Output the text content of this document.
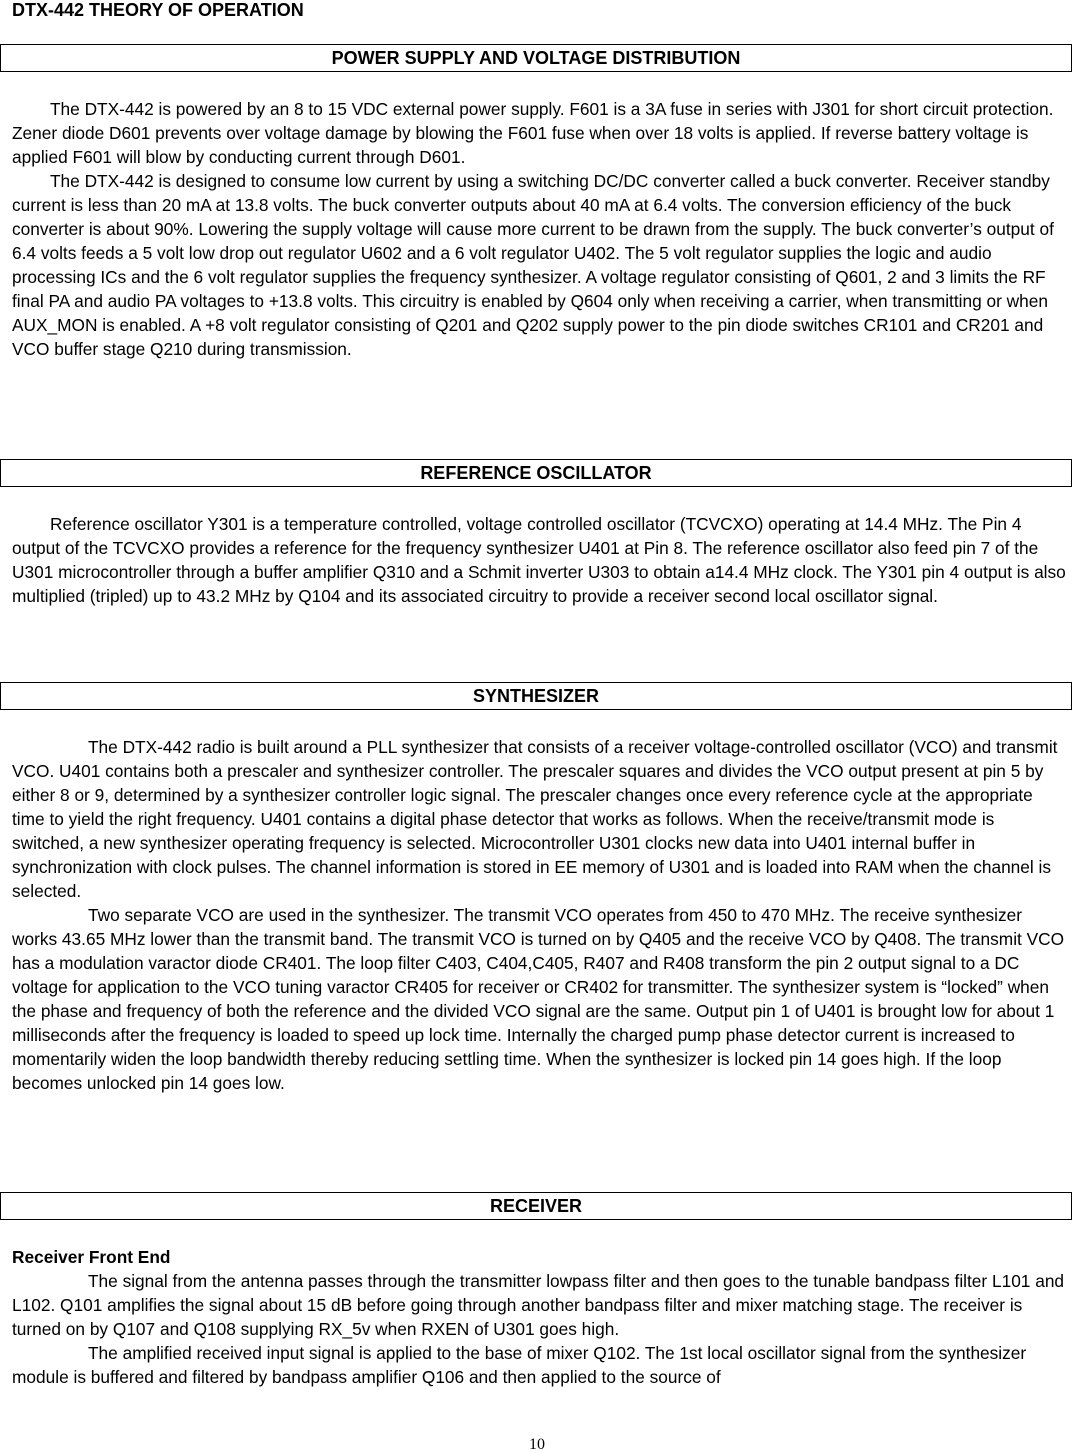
DTX-442 THEORY OF OPERATION
POWER SUPPLY AND VOLTAGE DISTRIBUTION

The DTX-442 is powered by an 8 to 15 VDC external power supply. F601 is a 3A fuse in series with J301 for short circuit protection. Zener diode D601 prevents over voltage damage by blowing the F601 fuse when over 18 volts is applied. If reverse battery voltage is applied F601 will blow by conducting current through D601.

The DTX-442 is designed to consume low current by using a switching DC/DC converter called a buck converter. Receiver standby current is less than 20 mA at 13.8 volts. The buck converter outputs about 40 mA at 6.4 volts. The conversion efficiency of the buck converter is about 90%. Lowering the supply voltage will cause more current to be drawn from the supply. The buck converter’s output of 6.4 volts feeds a 5 volt low drop out regulator U602 and a 6 volt regulator U402. The 5 volt regulator supplies the logic and audio processing ICs and the 6 volt regulator supplies the frequency synthesizer. A voltage regulator consisting of Q601, 2 and 3 limits the RF final PA and audio PA voltages to +13.8 volts. This circuitry is enabled by Q604 only when receiving a carrier, when transmitting or when AUX_MON is enabled. A +8 volt regulator consisting of Q201 and Q202 supply power to the pin diode switches CR101 and CR201 and VCO buffer stage Q210 during transmission.

REFERENCE OSCILLATOR

Reference oscillator Y301 is a temperature controlled, voltage controlled oscillator (TCVCXO) operating at 14.4 MHz. The Pin 4 output of the TCVCXO provides a reference for the frequency synthesizer U401 at Pin 8. The reference oscillator also feed pin 7 of the U301 microcontroller through a buffer amplifier Q310 and a Schmit inverter U303 to obtain a14.4 MHz clock. The Y301 pin 4 output is also multiplied (tripled) up to 43.2 MHz by Q104 and its associated circuitry to provide a receiver second local oscillator signal.

SYNTHESIZER

The DTX-442 radio is built around a PLL synthesizer that consists of a receiver voltage-controlled oscillator (VCO) and transmit VCO. U401 contains both a prescaler and synthesizer controller. The prescaler squares and divides the VCO output present at pin 5 by either 8 or 9, determined by a synthesizer controller logic signal. The prescaler changes once every reference cycle at the appropriate time to yield the right frequency. U401 contains a digital phase detector that works as follows. When the receive/transmit mode is switched, a new synthesizer operating frequency is selected. Microcontroller U301 clocks new data into U401 internal buffer in synchronization with clock pulses. The channel information is stored in EE memory of U301 and is loaded into RAM when the channel is selected.

Two separate VCO are used in the synthesizer. The transmit VCO operates from 450 to 470 MHz. The receive synthesizer works 43.65 MHz lower than the transmit band. The transmit VCO is turned on by Q405 and the receive VCO by Q408. The transmit VCO has a modulation varactor diode CR401. The loop filter C403, C404,C405, R407 and R408 transform the pin 2 output signal to a DC voltage for application to the VCO tuning varactor CR405 for receiver or CR402 for transmitter. The synthesizer system is “locked” when the phase and frequency of both the reference and the divided VCO signal are the same. Output pin 1 of U401 is brought low for about 1 milliseconds after the frequency is loaded to speed up lock time. Internally the charged pump phase detector current is increased to momentarily widen the loop bandwidth thereby reducing settling time. When the synthesizer is locked pin 14 goes high. If the loop becomes unlocked pin 14 goes low.

RECEIVER

Receiver Front End

The signal from the antenna passes through the transmitter lowpass filter and then goes to the tunable bandpass filter L101 and L102. Q101 amplifies the signal about 15 dB before going through another bandpass filter and mixer matching stage. The receiver is turned on by Q107 and Q108 supplying RX_5v when RXEN of U301 goes high.

The amplified received input signal is applied to the base of mixer Q102. The 1st local oscillator signal from the synthesizer module is buffered and filtered by bandpass amplifier Q106 and then applied to the source of

10
